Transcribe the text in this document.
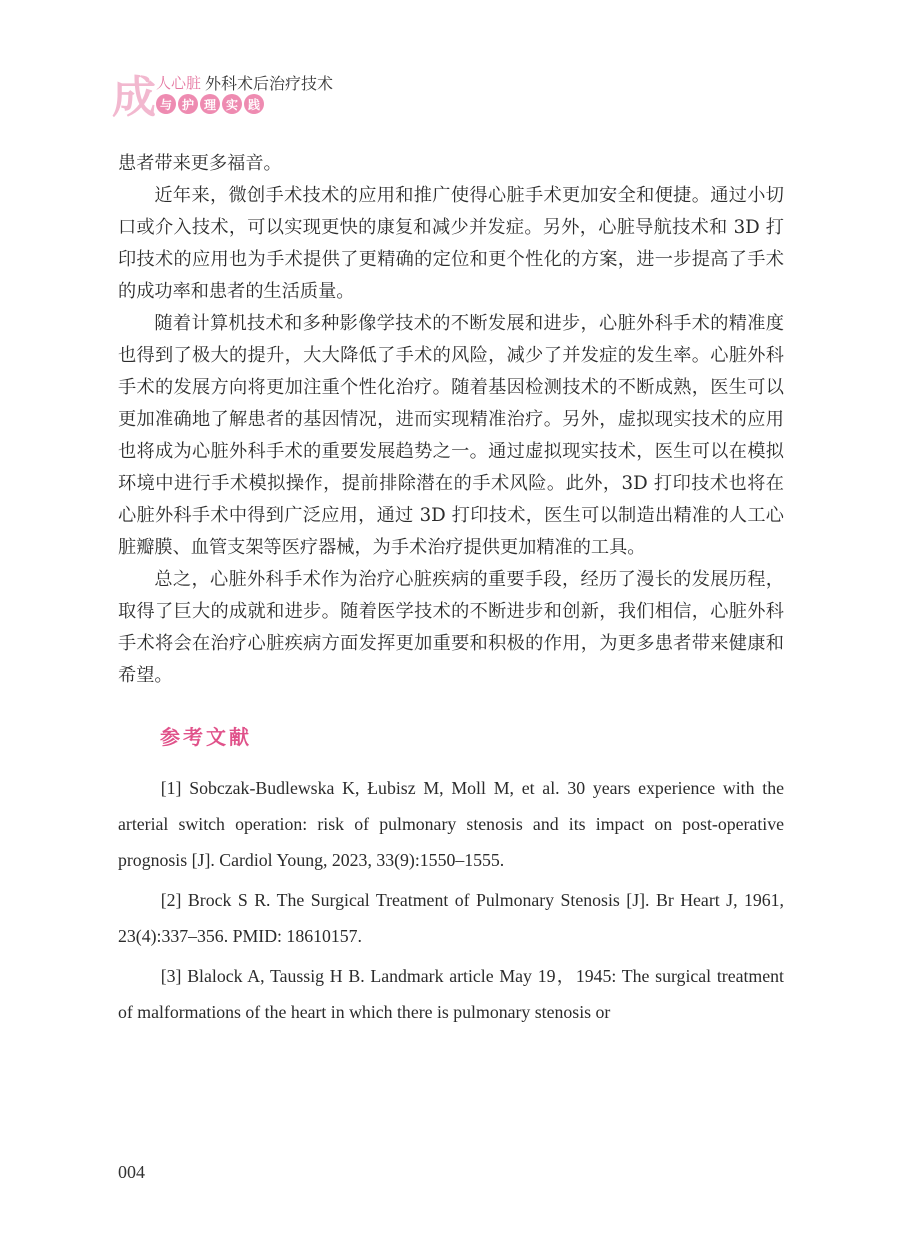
成 人心脏 外科术后治疗技术
与 护 理 实 践

患者带来更多福音。

近年来，微创手术技术的应用和推广使得心脏手术更加安全和便捷。通过小切口或介入技术，可以实现更快的康复和减少并发症。另外，心脏导航技术和 3D 打印技术的应用也为手术提供了更精确的定位和更个性化的方案，进一步提高了手术的成功率和患者的生活质量。

随着计算机技术和多种影像学技术的不断发展和进步，心脏外科手术的精准度也得到了极大的提升，大大降低了手术的风险，减少了并发症的发生率。心脏外科手术的发展方向将更加注重个性化治疗。随着基因检测技术的不断成熟，医生可以更加准确地了解患者的基因情况，进而实现精准治疗。另外，虚拟现实技术的应用也将成为心脏外科手术的重要发展趋势之一。通过虚拟现实技术，医生可以在模拟环境中进行手术模拟操作，提前排除潜在的手术风险。此外，3D 打印技术也将在心脏外科手术中得到广泛应用，通过 3D 打印技术，医生可以制造出精准的人工心脏瓣膜、血管支架等医疗器械，为手术治疗提供更加精准的工具。

总之，心脏外科手术作为治疗心脏疾病的重要手段，经历了漫长的发展历程，取得了巨大的成就和进步。随着医学技术的不断进步和创新，我们相信，心脏外科手术将会在治疗心脏疾病方面发挥更加重要和积极的作用，为更多患者带来健康和希望。

参考文献

[1] Sobczak-Budlewska K, Łubisz M, Moll M, et al. 30 years experience with the arterial switch operation: risk of pulmonary stenosis and its impact on post-operative prognosis [J]. Cardiol Young, 2023, 33(9):1550–1555.

[2] Brock S R. The Surgical Treatment of Pulmonary Stenosis [J]. Br Heart J, 1961, 23(4):337–356. PMID: 18610157.

[3] Blalock A, Taussig H B. Landmark article May 19，1945: The surgical treatment of malformations of the heart in which there is pulmonary stenosis or

004
